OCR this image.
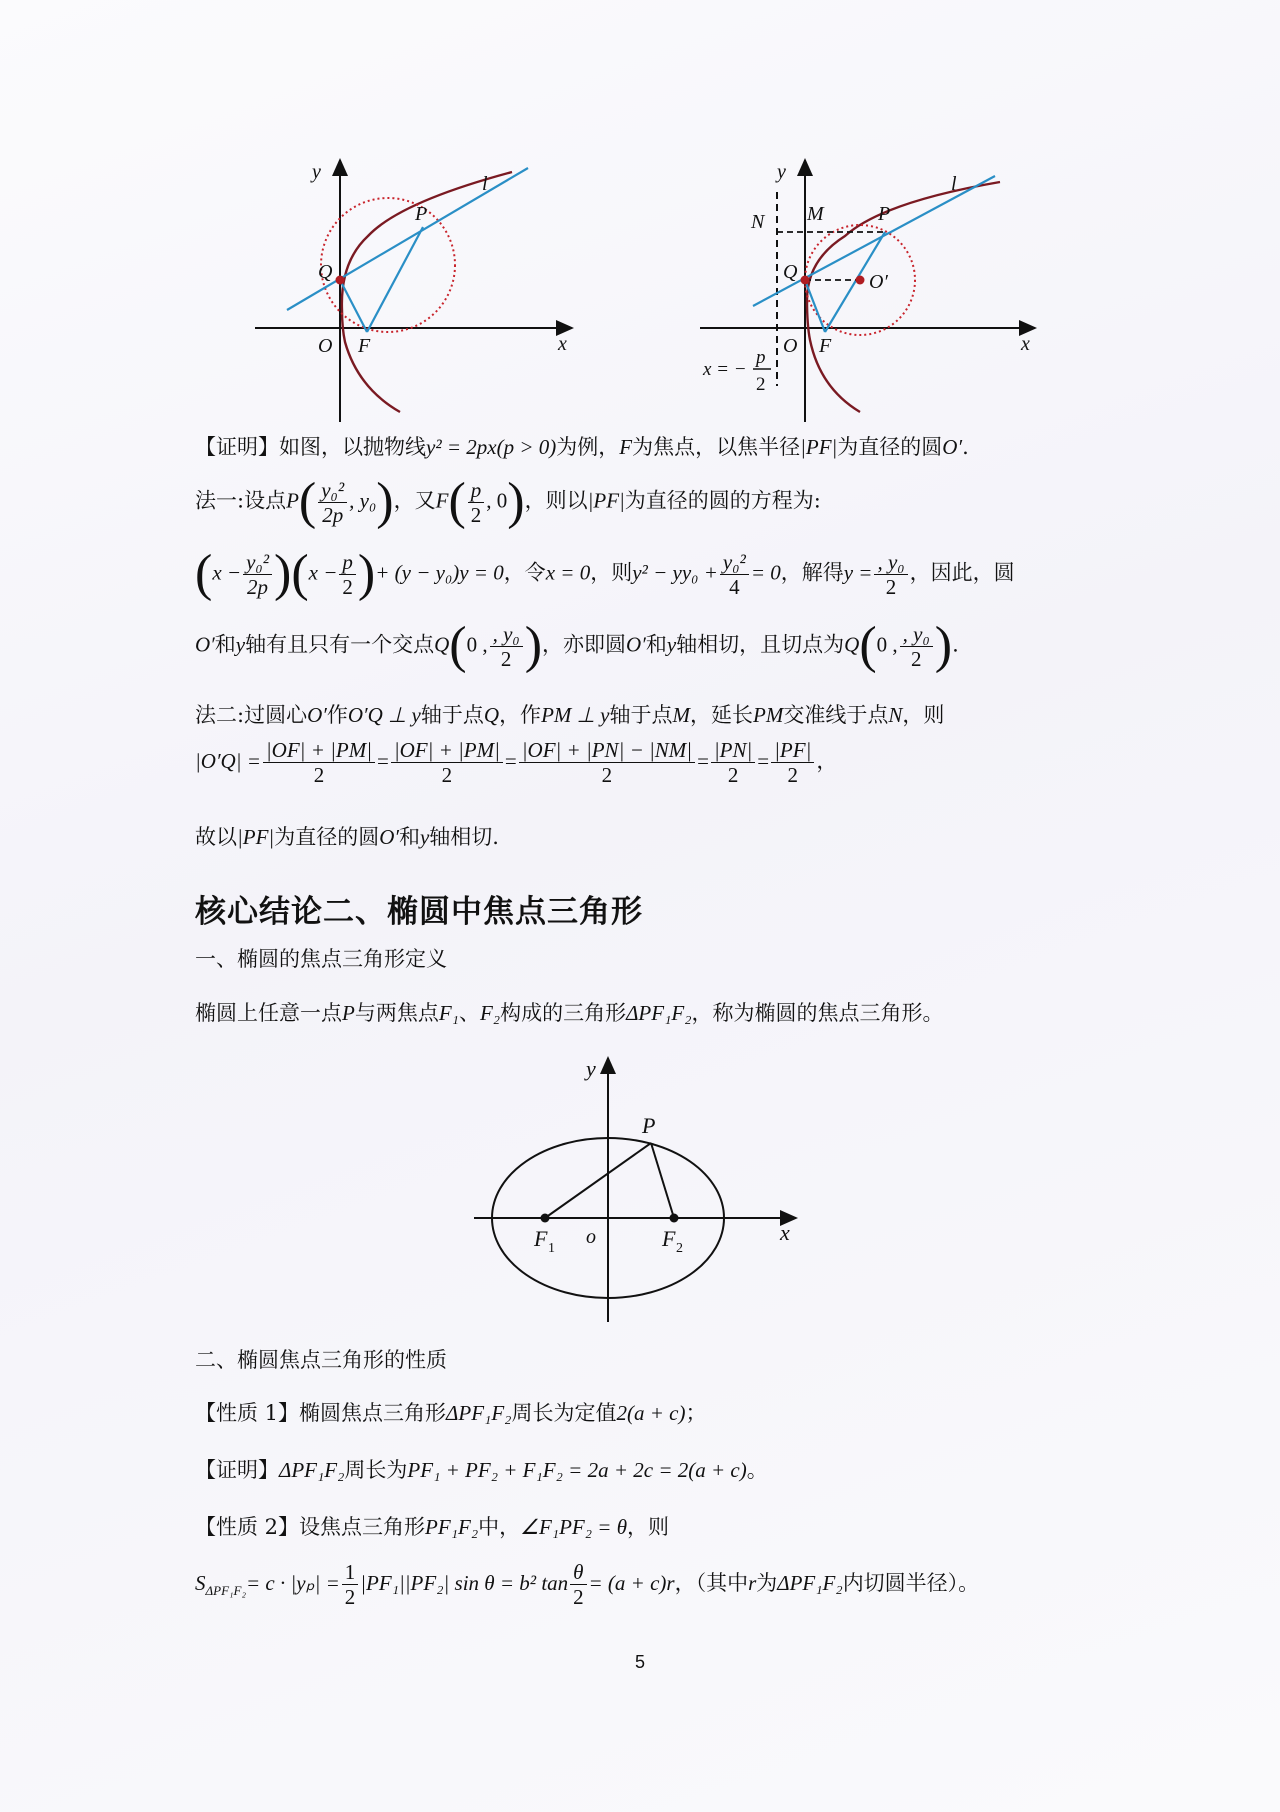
y
l
P
Q
O F	x
y
l
N M	P
Q	O′
O F	x
x = −
p
2
【证明】如图，以抛物线y² = 2px(p > 0)为例，F为焦点，以焦半径|PF|为直径的圆O′.
法一:设点$P( \frac{\text{y₀²}}{2p}$ , y₀)，又$F( \frac{p}{2}$ , 0)，则以|PF|为直径的圆的方程为:
$(x - \frac{\text{y₀²}}{2p} )(x - \frac{p}{2}$ )+ (y − y₀)y = 0，令x = 0，则$y^2 - yy_0 + \frac{\text{y₀²}}{4} = 0$，解得$y = \frac{\text{, y₀}}{2}$ ，因此，圆
O′和y轴有且只有一个交点Q(0 , $\frac{\text{, y₀}}{2}$ )，亦即圆O′和y轴相切，且切点为Q(0 , $\frac{\text{, y₀}}{2}$ ).
法二:过圆心O′作O′Q ⊥ y轴于点Q，作PM ⊥ y轴于点M，延长PM交准线于点N，则
$|O'Q| = \frac{|OF| + |PM|}{2} = \frac{|OF| + |PM|}{2} = \frac{|OF| + |PN| - |NM|}{2} = \frac{|PN|}{2} = \frac{|PF|}{2}$ ，
故以|PF|为直径的圆O′和y轴相切.
核心结论二、椭圆中焦点三角形
一、椭圆的焦点三角形定义
椭圆上任意一点P与两焦点F₁、F₂构成的三角形ΔPF₁F₂，称为椭圆的焦点三角形。
y
P
F 1
o	F 2
x
二、椭圆焦点三角形的性质
【性质 1】椭圆焦点三角形ΔPF₁F₂周长为定值2(a + c)；
【证明】ΔPF₁F₂周长为PF₁ + PF₂ + F₁F₂ = 2a + 2c = 2(a + c)。
【性质 2】设焦点三角形PF₁F₂中，∠F₁PF₂ = θ，则
$S_{\Delta PF_1F_2}= c \cdot |y_p| = \frac{1}{2} |PF_1||PF_2|$ sin θ = b² $\tan \frac{\theta}{2} = (a + c)r$，（其中r为ΔPF₁F₂内切圆半径）。
5
